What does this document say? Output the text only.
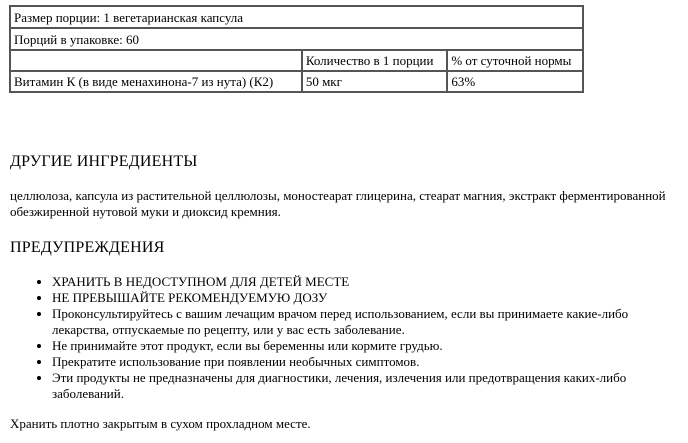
Размер порции: 1 вегетарианская капсула		
Порций в упаковке: 60		
	Количество в 1 порции	% от суточной нормы
Витамин К (в виде менахинона-7 из нута) (К2)	50 мкг	63%
ДРУГИЕ ИНГРЕДИЕНТЫ

целлюлоза, капсула из растительной целлюлозы, моностеарат глицерина, стеарат магния, экстракт ферментированной обезжиренной нутовой муки и диоксид кремния.

ПРЕДУПРЕЖДЕНИЯ
• ХРАНИТЬ В НЕДОСТУПНОМ ДЛЯ ДЕТЕЙ МЕСТЕ
• НЕ ПРЕВЫШАЙТЕ РЕКОМЕНДУЕМУЮ ДОЗУ
• Проконсультируйтесь с вашим лечащим врачом перед использованием, если вы принимаете какие-либо лекарства, отпускаемые по рецепту, или у вас есть заболевание.
• Не принимайте этот продукт, если вы беременны или кормите грудью.
• Прекратите использование при появлении необычных симптомов.
• Эти продукты не предназначены для диагностики, лечения, излечения или предотвращения каких-либо заболеваний.

Хранить плотно закрытым в сухом прохладном месте.
